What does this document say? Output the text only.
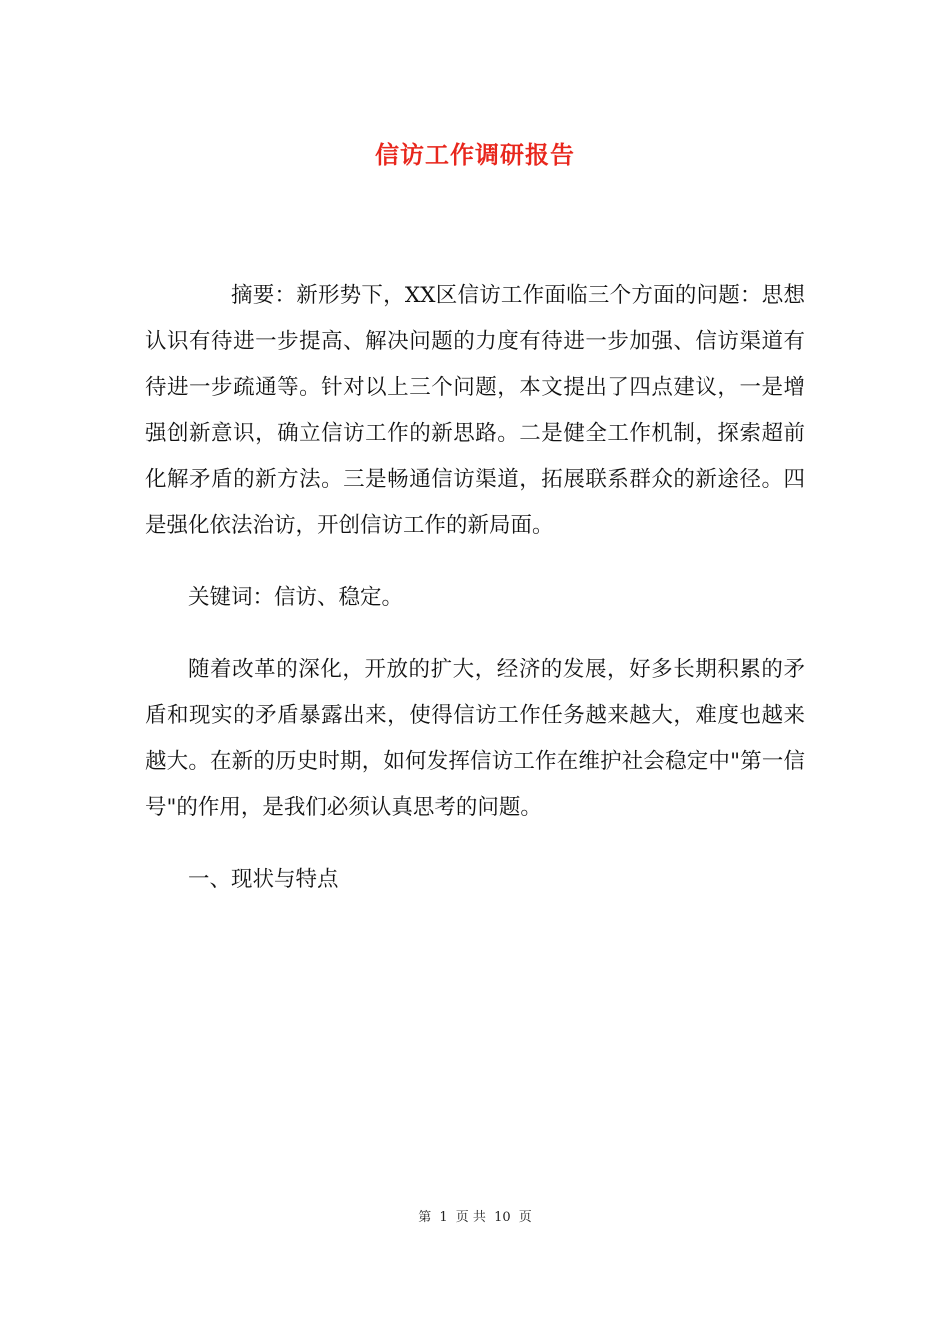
信访工作调研报告

摘要：新形势下，XX区信访工作面临三个方面的问题：思想认识有待进一步提高、解决问题的力度有待进一步加强、信访渠道有待进一步疏通等。针对以上三个问题，本文提出了四点建议，一是增强创新意识，确立信访工作的新思路。二是健全工作机制，探索超前化解矛盾的新方法。三是畅通信访渠道，拓展联系群众的新途径。四是强化依法治访，开创信访工作的新局面。

关键词：信访、稳定。

随着改革的深化，开放的扩大，经济的发展，好多长期积累的矛盾和现实的矛盾暴露出来，使得信访工作任务越来越大，难度也越来越大。在新的历史时期，如何发挥信访工作在维护社会稳定中"第一信号"的作用，是我们必须认真思考的问题。

一、现状与特点

第 1 页 共 10 页
